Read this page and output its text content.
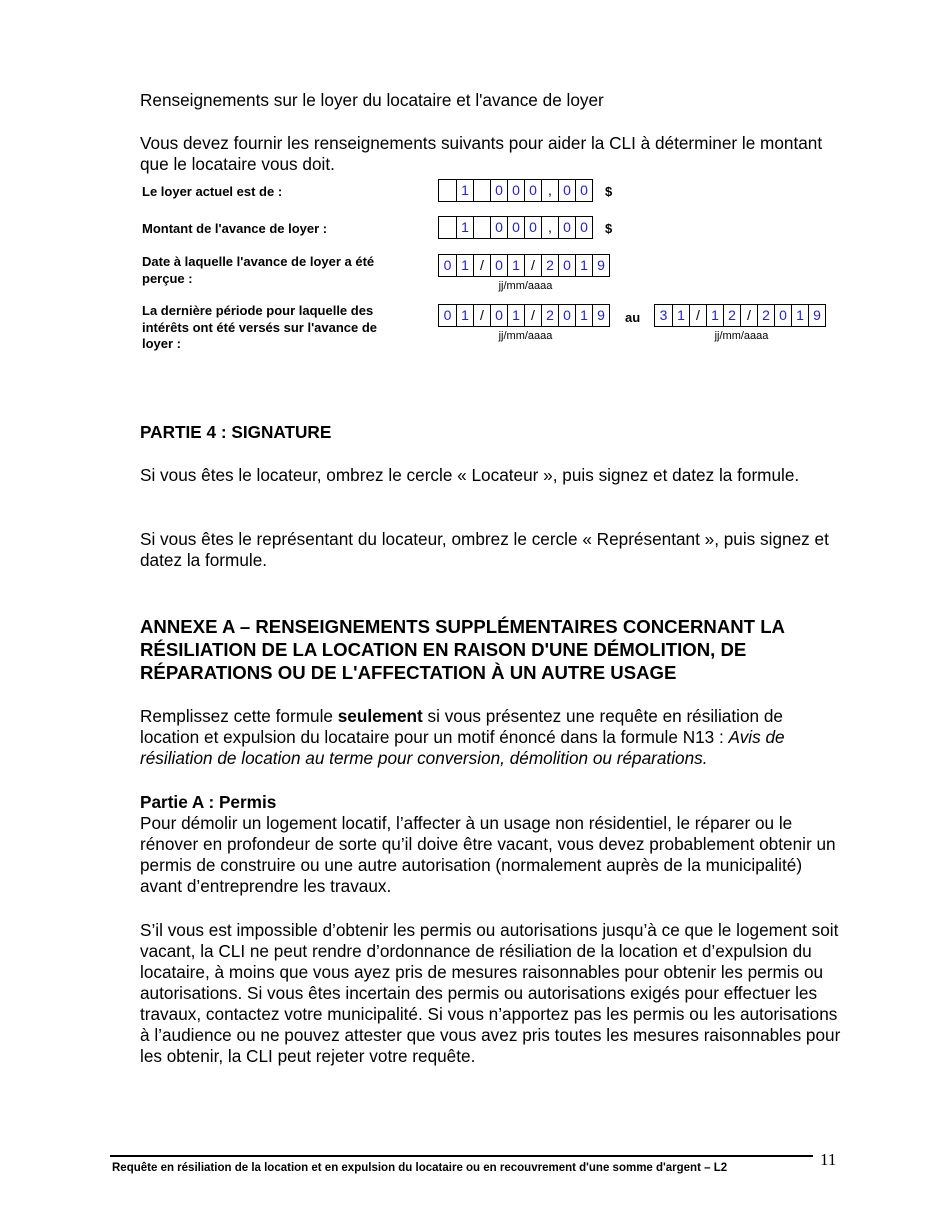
Renseignements sur le loyer du locataire et l'avance de loyer

Vous devez fournir les renseignements suivants pour aider la CLI à déterminer le montant que le locataire vous doit.

Le loyer actuel est de :	1	0 0 0 , 0 0	$
Montant de l'avance de loyer :	1	0 0 0 , 0 0	$
Date à laquelle l'avance de loyer a été perçue :
0 1 / 0 1 / 2 0 1 9
jj/mm/aaaa
La dernière période pour laquelle des intérêts ont été versés sur l'avance de loyer :
0 1 / 0 1 / 2 0 1 9	au	3 1 / 1 2 / 2 0 1 9
jj/mm/aaaa	jj/mm/aaaa
PARTIE 4 : SIGNATURE

Si vous êtes le locateur, ombrez le cercle « Locateur », puis signez et datez la formule.

Si vous êtes le représentant du locateur, ombrez le cercle « Représentant », puis signez et datez la formule.

ANNEXE A – RENSEIGNEMENTS SUPPLÉMENTAIRES CONCERNANT LA RÉSILIATION DE LA LOCATION EN RAISON D'UNE DÉMOLITION, DE RÉPARATIONS OU DE L'AFFECTATION À UN AUTRE USAGE

Remplissez cette formule seulement si vous présentez une requête en résiliation de location et expulsion du locataire pour un motif énoncé dans la formule N13 : Avis de résiliation de location au terme pour conversion, démolition ou réparations.

Partie A : Permis

Pour démolir un logement locatif, l’affecter à un usage non résidentiel, le réparer ou le rénover en profondeur de sorte qu’il doive être vacant, vous devez probablement obtenir un permis de construire ou une autre autorisation (normalement auprès de la municipalité) avant d’entreprendre les travaux.

S’il vous est impossible d’obtenir les permis ou autorisations jusqu’à ce que le logement soit vacant, la CLI ne peut rendre d’ordonnance de résiliation de la location et d’expulsion du locataire, à moins que vous ayez pris de mesures raisonnables pour obtenir les permis ou autorisations. Si vous êtes incertain des permis ou autorisations exigés pour effectuer les travaux, contactez votre municipalité. Si vous n’apportez pas les permis ou les autorisations à l’audience ou ne pouvez attester que vous avez pris toutes les mesures raisonnables pour les obtenir, la CLI peut rejeter votre requête.

Requête en résiliation de la location et en expulsion du locataire ou en recouvrement d'une somme d'argent – L2	11
